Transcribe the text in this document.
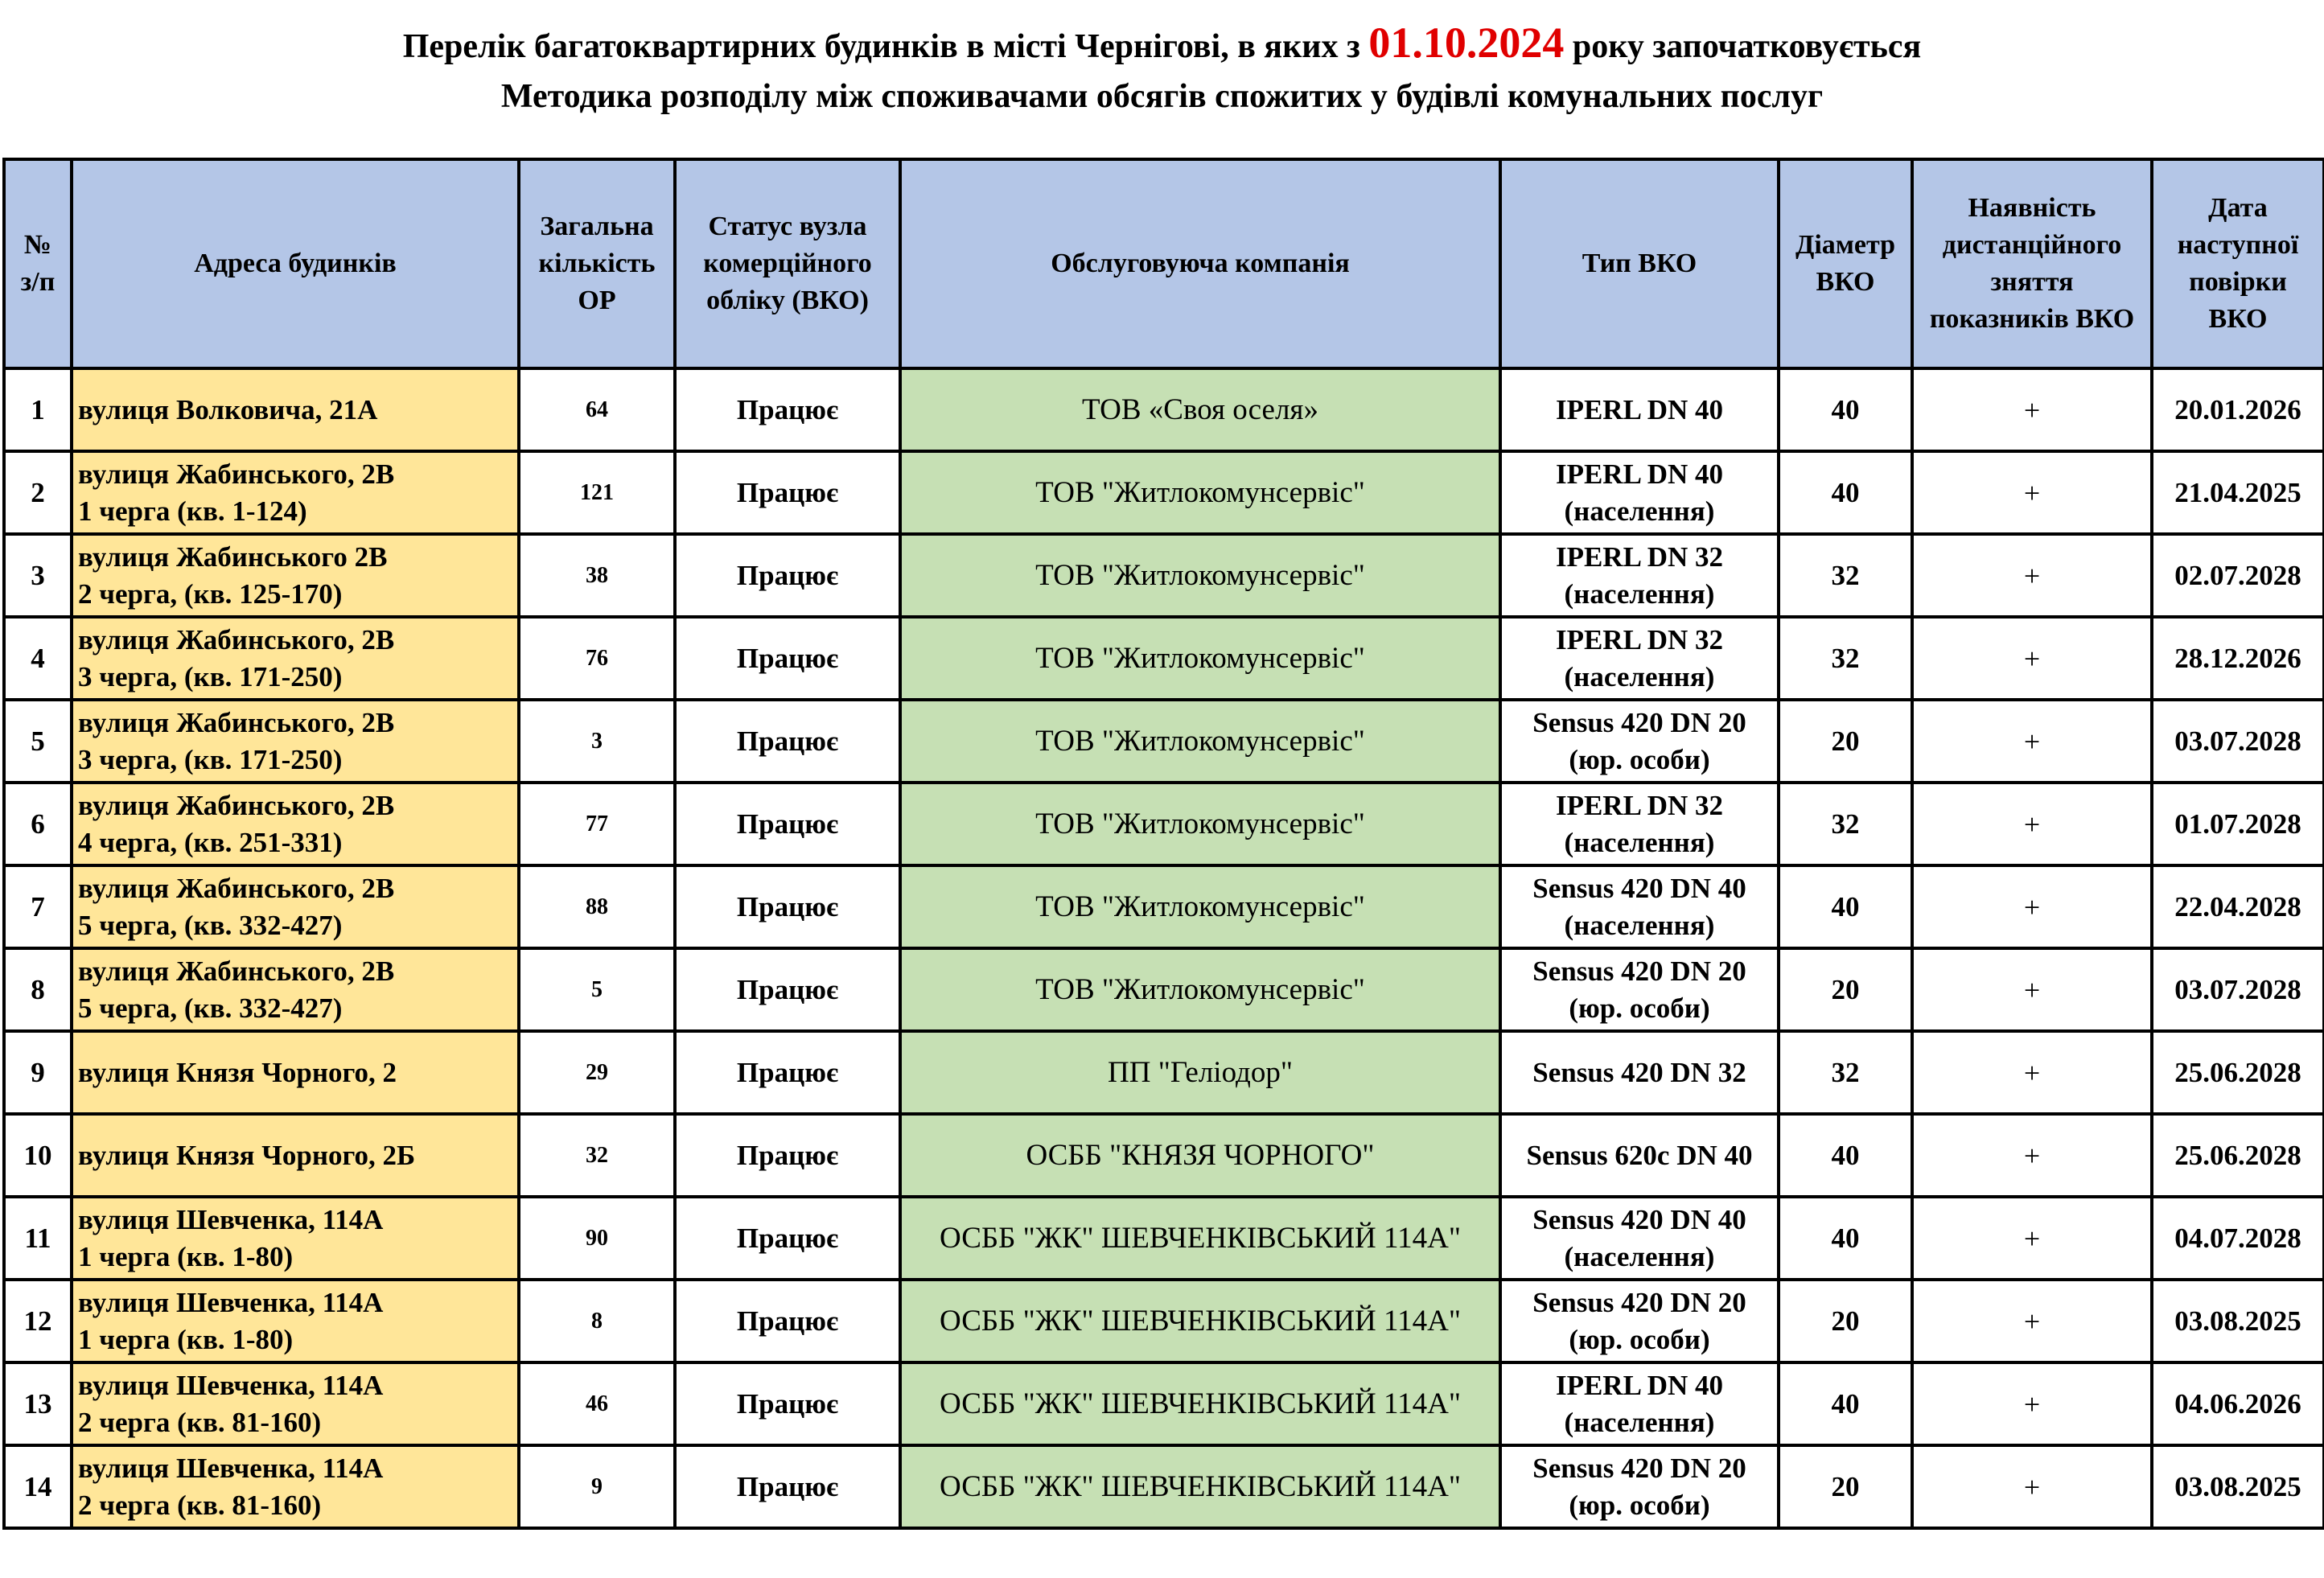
Перелік багатоквартирних будинків в місті Чернігові, в яких з 01.10.2024 року започатковується
Методика розподілу між споживачами обсягів спожитих у будівлі комунальних послуг
№
з/п	Адреса будинків	Загальна
кількість
ОР	Статус вузла
комерційного
обліку (ВКО)	Обслуговуюча компанія	Тип ВКО	Діаметр
ВКО	Наявність
дистанційного
зняття
показників ВКО	Дата
наступної
повірки
ВКО

1	вулиця Волковича, 21А	64	Працює	ТОВ «Своя оселя»	IPERL DN 40	40	+	20.01.2026
2	вулиця Жабинського, 2В
1 черга (кв. 1-124)	121	Працює	ТОВ "Житлокомунсервіс"	IPERL DN 40
(населення)	40	+	21.04.2025
3	вулиця Жабинського 2В
2 черга, (кв. 125-170)	38	Працює	ТОВ "Житлокомунсервіс"	IPERL DN 32
(населення)	32	+	02.07.2028
4	вулиця Жабинського, 2В
3 черга, (кв. 171-250)	76	Працює	ТОВ "Житлокомунсервіс"	IPERL DN 32
(населення)	32	+	28.12.2026
5	вулиця Жабинського, 2В
3 черга, (кв. 171-250)	3	Працює	ТОВ "Житлокомунсервіс"	Sensus 420 DN 20
(юр. особи)	20	+	03.07.2028
6	вулиця Жабинського, 2В
4 черга, (кв. 251-331)	77	Працює	ТОВ "Житлокомунсервіс"	IPERL DN 32
(населення)	32	+	01.07.2028
7	вулиця Жабинського, 2В
5 черга, (кв. 332-427)	88	Працює	ТОВ "Житлокомунсервіс"	Sensus 420 DN 40
(населення)	40	+	22.04.2028
8	вулиця Жабинського, 2В
5 черга, (кв. 332-427)	5	Працює	ТОВ "Житлокомунсервіс"	Sensus 420 DN 20
(юр. особи)	20	+	03.07.2028
9	вулиця Князя Чорного, 2	29	Працює	ПП "Геліодор"	Sensus 420 DN 32	32	+	25.06.2028
10	вулиця Князя Чорного, 2Б	32	Працює	ОСББ "КНЯЗЯ ЧОРНОГО"	Sensus 620c DN 40	40	+	25.06.2028
11	вулиця Шевченка, 114А
1 черга (кв. 1-80)	90	Працює	ОСББ "ЖК" ШЕВЧЕНКІВСЬКИЙ 114А"	Sensus 420 DN 40
(населення)	40	+	04.07.2028
12	вулиця Шевченка, 114А
1 черга (кв. 1-80)	8	Працює	ОСББ "ЖК" ШЕВЧЕНКІВСЬКИЙ 114А"	Sensus 420 DN 20
(юр. особи)	20	+	03.08.2025
13	вулиця Шевченка, 114А
2 черга (кв. 81-160)	46	Працює	ОСББ "ЖК" ШЕВЧЕНКІВСЬКИЙ 114А"	IPERL DN 40
(населення)	40	+	04.06.2026
14	вулиця Шевченка, 114А
2 черга (кв. 81-160)	9	Працює	ОСББ "ЖК" ШЕВЧЕНКІВСЬКИЙ 114А"	Sensus 420 DN 20
(юр. особи)	20	+	03.08.2025
